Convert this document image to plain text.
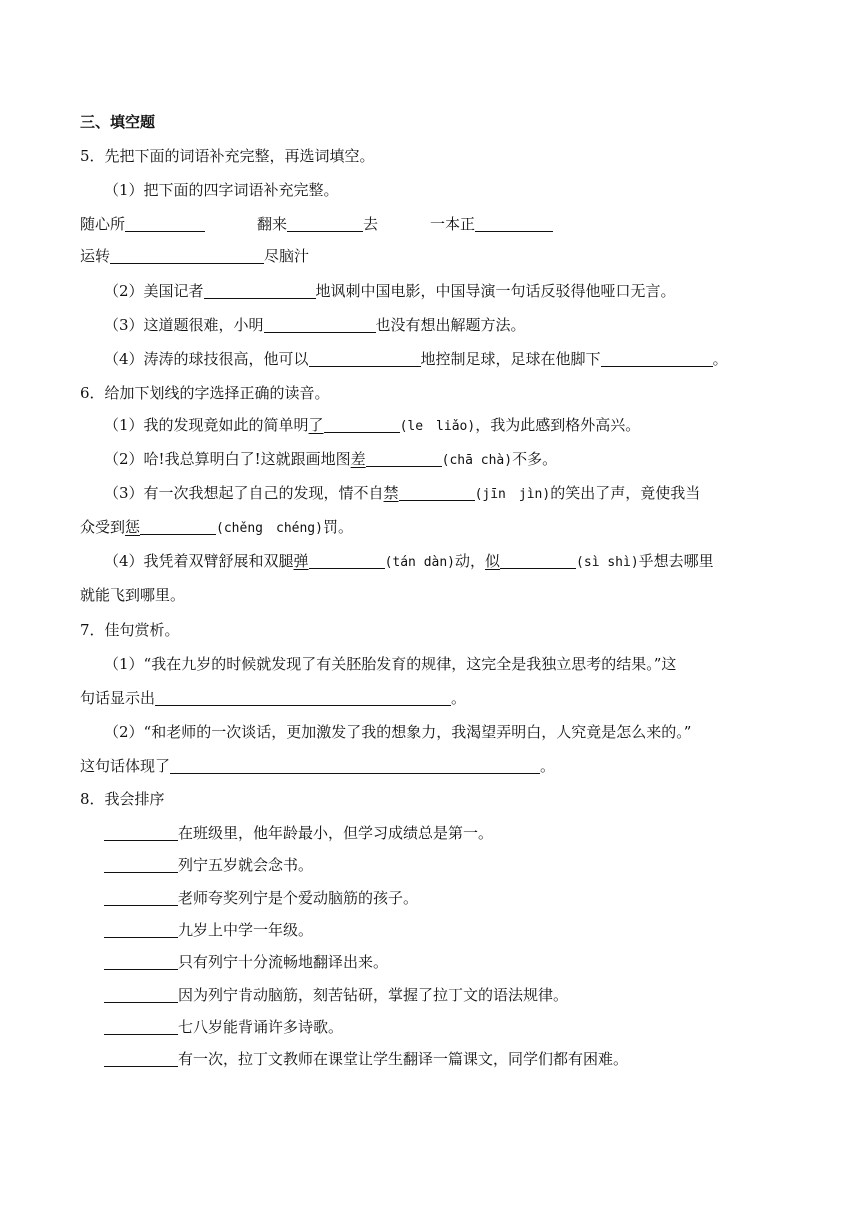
三、填空题
5．先把下面的词语补充完整，再选词填空。
（1）把下面的四字词语补充完整。
随心所	翻来	去	一本正
运转	尽脑汁
（2）美国记者	地讽刺中国电影，中国导演一句话反驳得他哑口无言。
（3）这道题很难，小明	也没有想出解题方法。
（4）涛涛的球技很高，他可以	地控制足球，足球在他脚下	。
6．给加下划线的字选择正确的读音。
（1）我的发现竟如此的简单明了	(le　liǎo)，我为此感到格外高兴。
（2）哈!我总算明白了!这就跟画地图差	(chā chà)不多。
（3）有一次我想起了自己的发现，情不自禁	(jīn　jìn)的笑出了声，竟使我当
众受到惩	(chěng　chéng)罚。
（4）我凭着双臂舒展和双腿弹	(tán dàn)动，似	(sì shì)乎想去哪里
就能飞到哪里。
7．佳句赏析。
（1）“我在九岁的时候就发现了有关胚胎发育的规律，这完全是我独立思考的结果。”这
句话显示出	。
（2）“和老师的一次谈话，更加激发了我的想象力，我渴望弄明白，人究竟是怎么来的。”
这句话体现了	。
8．我会排序
在班级里，他年龄最小，但学习成绩总是第一。
列宁五岁就会念书。
老师夸奖列宁是个爱动脑筋的孩子。
九岁上中学一年级。
只有列宁十分流畅地翻译出来。
因为列宁肯动脑筋，刻苦钻研，掌握了拉丁文的语法规律。
七八岁能背诵许多诗歌。
有一次，拉丁文教师在课堂让学生翻译一篇课文，同学们都有困难。
